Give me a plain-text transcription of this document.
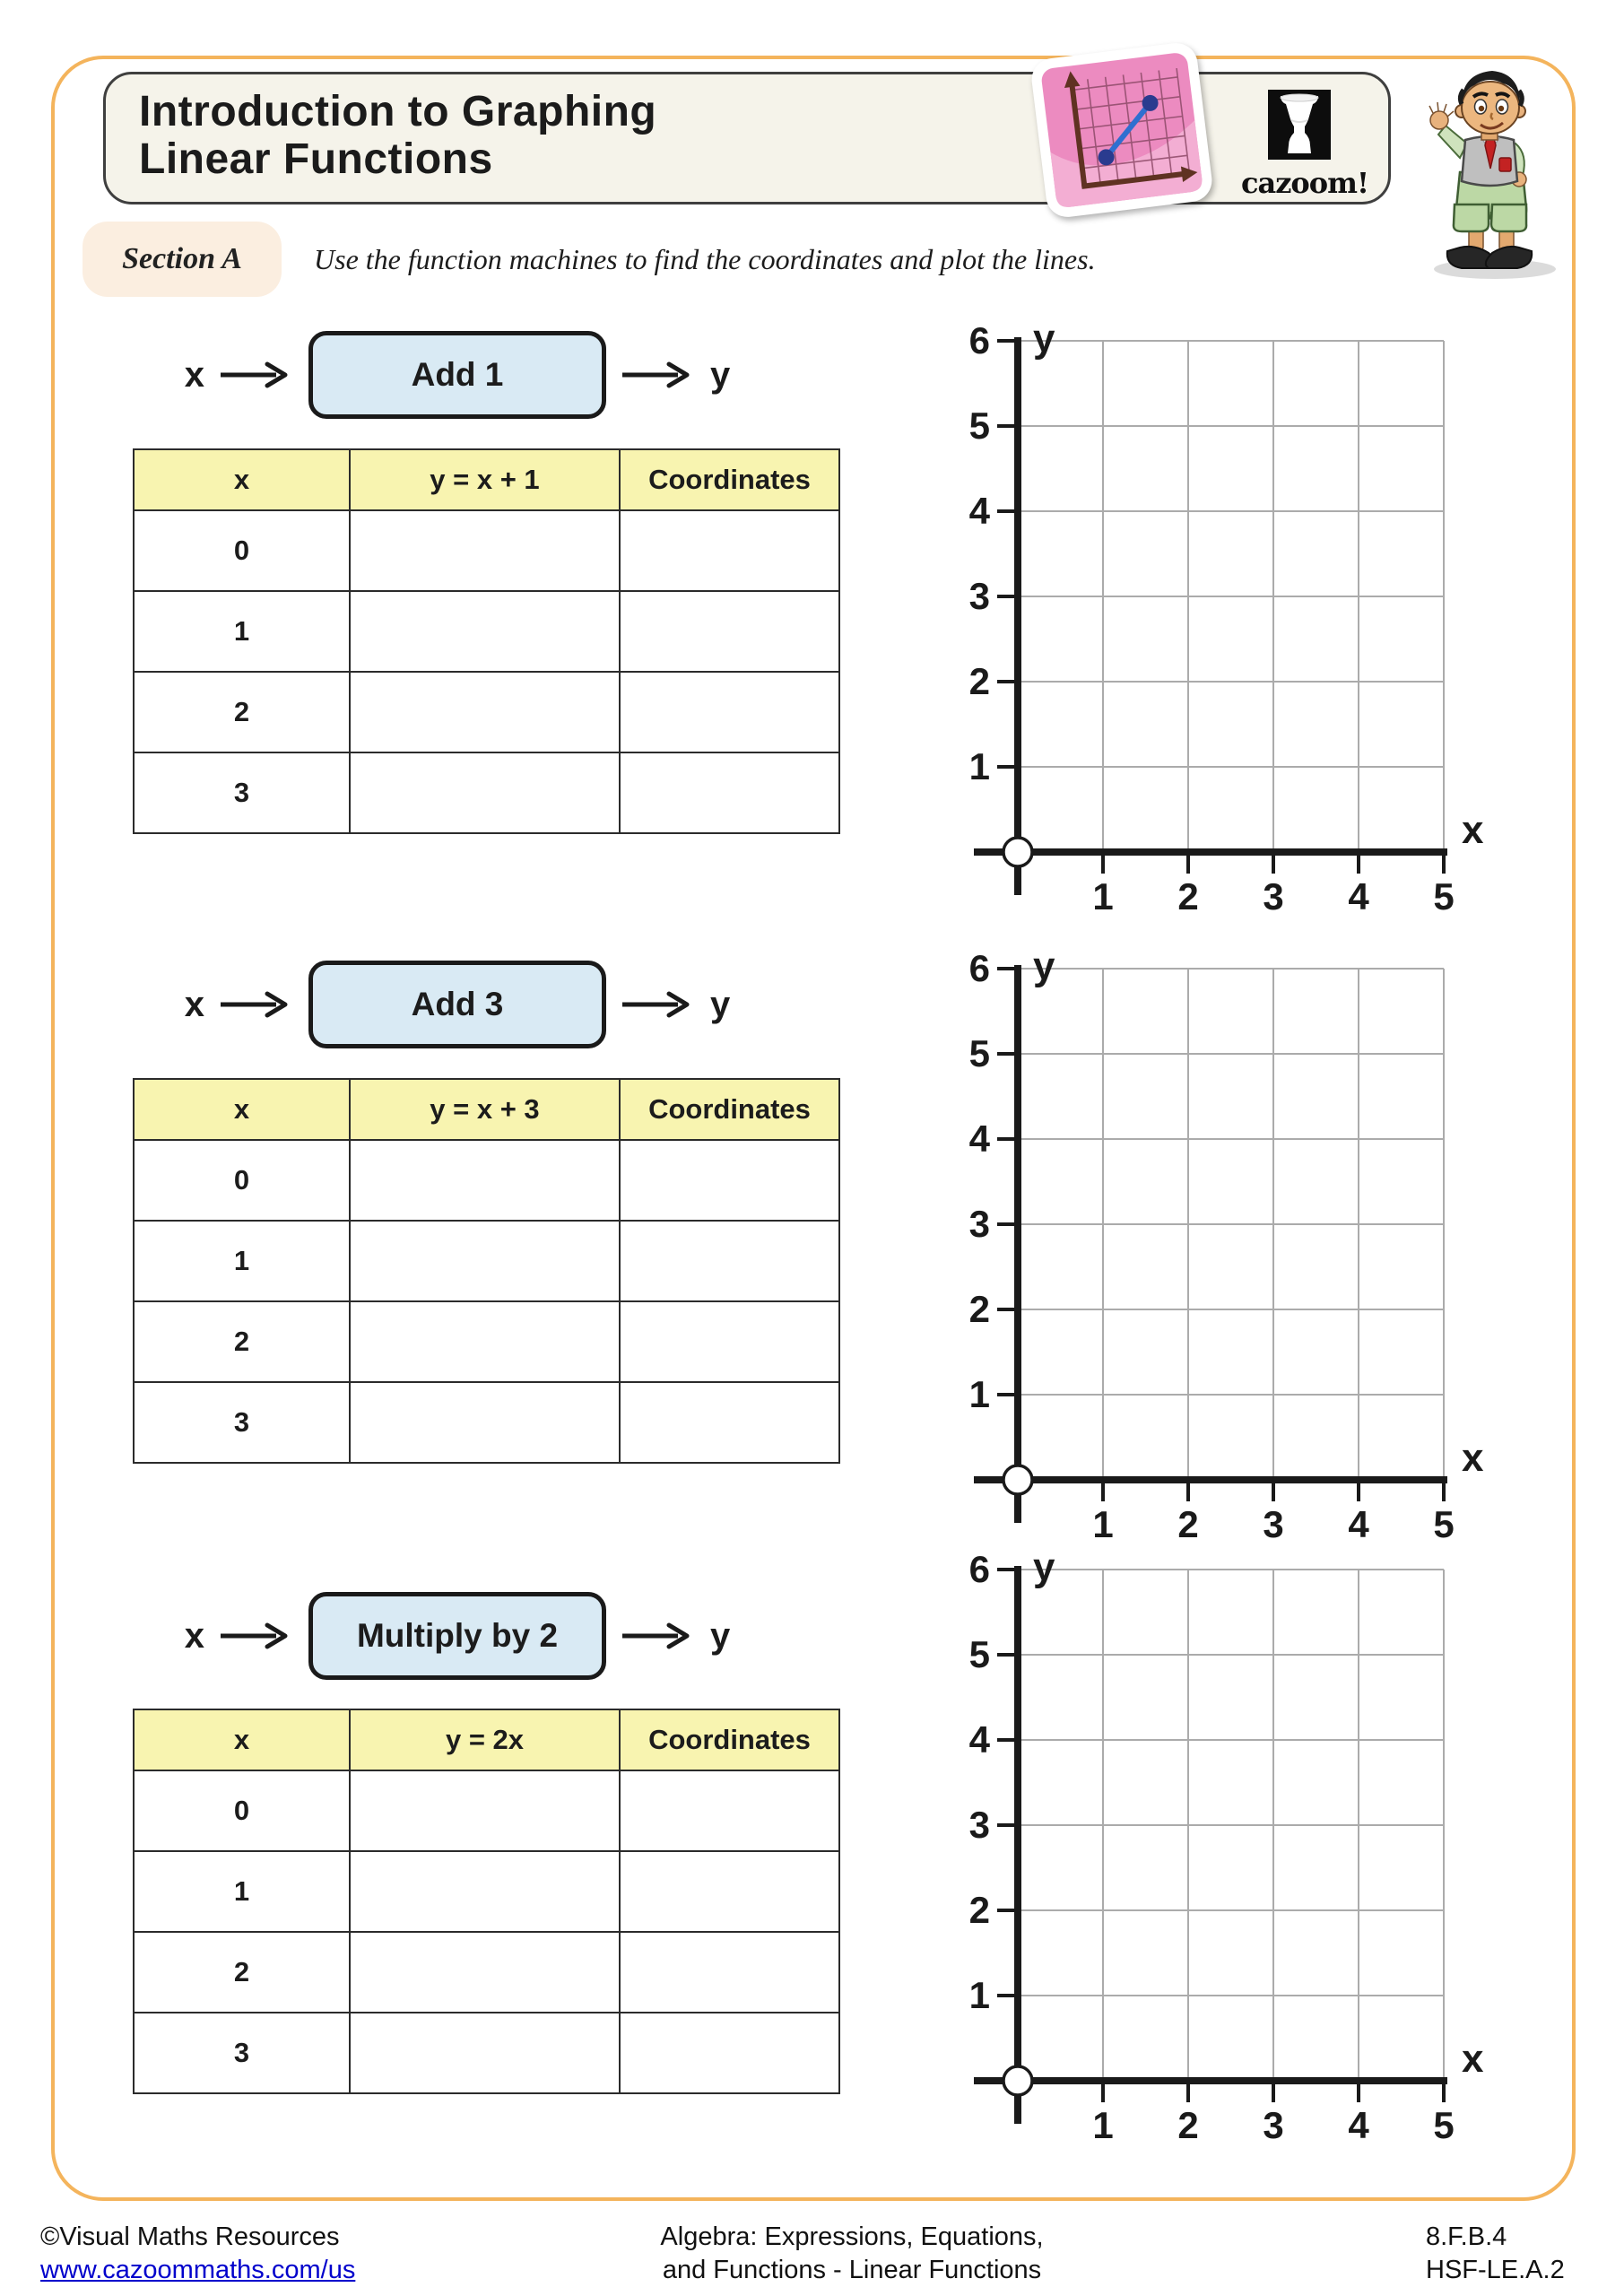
Introduction to Graphing
Linear Functions	cazoom!
Section A	Use the function machines to find the coordinates and plot the lines.
x	Add 1	y
x	y = x + 1	Coordinates
0		
1		
2		
3		
x	Add 3	y
x	y = x + 3	Coordinates
0		
1		
2		
3		
x	Multiply by 2	y
x	y = 2x	Coordinates
0		
1		
2		
3		
6
5
4
3
2
1
1 2 3 4 5
y
x
6
5
4
3
2
1
1 2 3 4 5
y
x
6
5
4
3
2
1
1 2 3 4 5
y
x
©Visual Maths Resources
www.cazoommaths.com/us
Algebra: Expressions, Equations,
and Functions - Linear Functions
8.F.B.4
HSF-LE.A.2
